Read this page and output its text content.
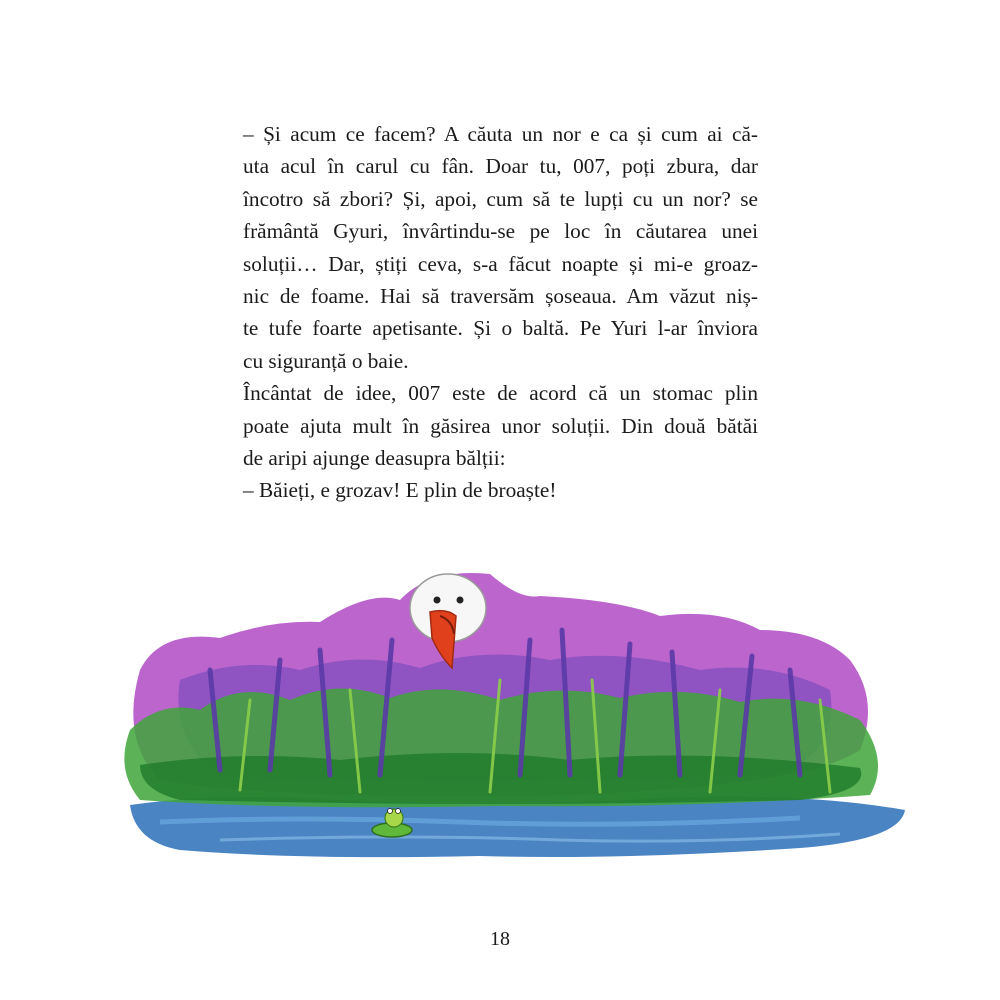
– Și acum ce facem? A căuta un nor e ca și cum ai că-
uta acul în carul cu fân. Doar tu, 007, poți zbura, dar
încotro să zbori? Și, apoi, cum să te lupți cu un nor? se
frământă Gyuri, învârtindu-se pe loc în căutarea unei
soluții… Dar, știți ceva, s-a făcut noapte și mi-e groaz-
nic de foame. Hai să traversăm șoseaua. Am văzut niș-
te tufe foarte apetisante. Și o baltă. Pe Yuri l-ar înviora
cu siguranță o baie.
Încântat de idee, 007 este de acord că un stomac plin
poate ajuta mult în găsirea unor soluții. Din două bătăi
de aripi ajunge deasupra bălții:
– Băieți, e grozav! E plin de broaște!
18
